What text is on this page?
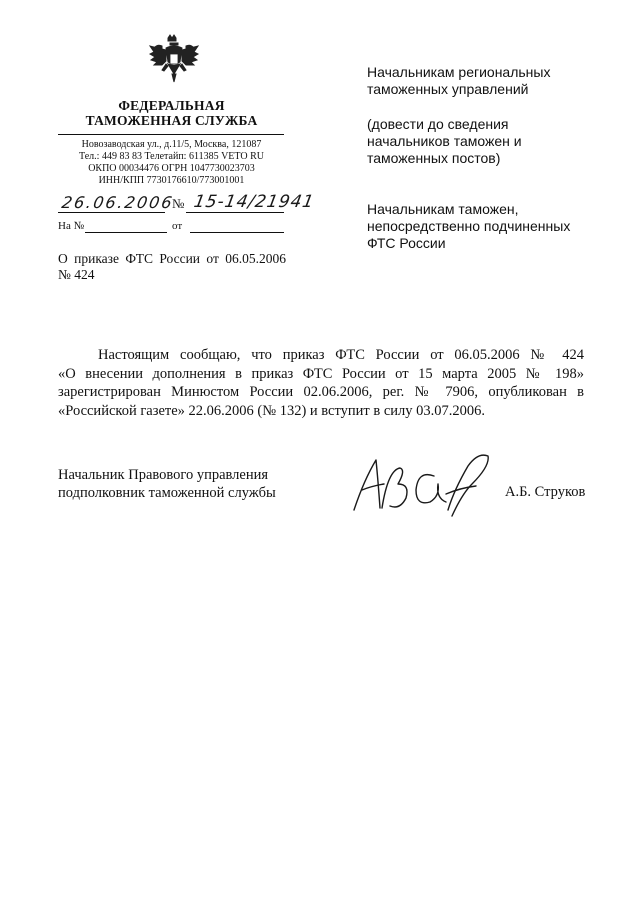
ФЕДЕРАЛЬНАЯ
ТАМОЖЕННАЯ СЛУЖБА
Новозаводская ул., д.11/5, Москва, 121087
Тел.: 449 83 83 Телетайп: 611385 VETO RU
ОКПО 00034476 ОГРН 1047730023703
ИНН/КПП 7730176610/773001001
26.06.2006
№ 15-14/21941
На №	от
О приказе ФТС России от 06.05.2006
№ 424
Начальникам региональных
таможенных управлений
(довести до сведения
начальников таможен и
таможенных постов)
Начальникам таможен,
непосредственно подчиненных
ФТС России
Настоящим сообщаю, что приказ ФТС России от 06.05.2006 № 424
«О внесении дополнения в приказ ФТС России от 15 марта 2005 № 198»
зарегистрирован Минюстом России 02.06.2006, рег. № 7906, опубликован в
«Российской газете» 22.06.2006 (№ 132) и вступит в силу 03.07.2006.
Начальник Правового управления
подполковник таможенной службы	А.Б. Струков
